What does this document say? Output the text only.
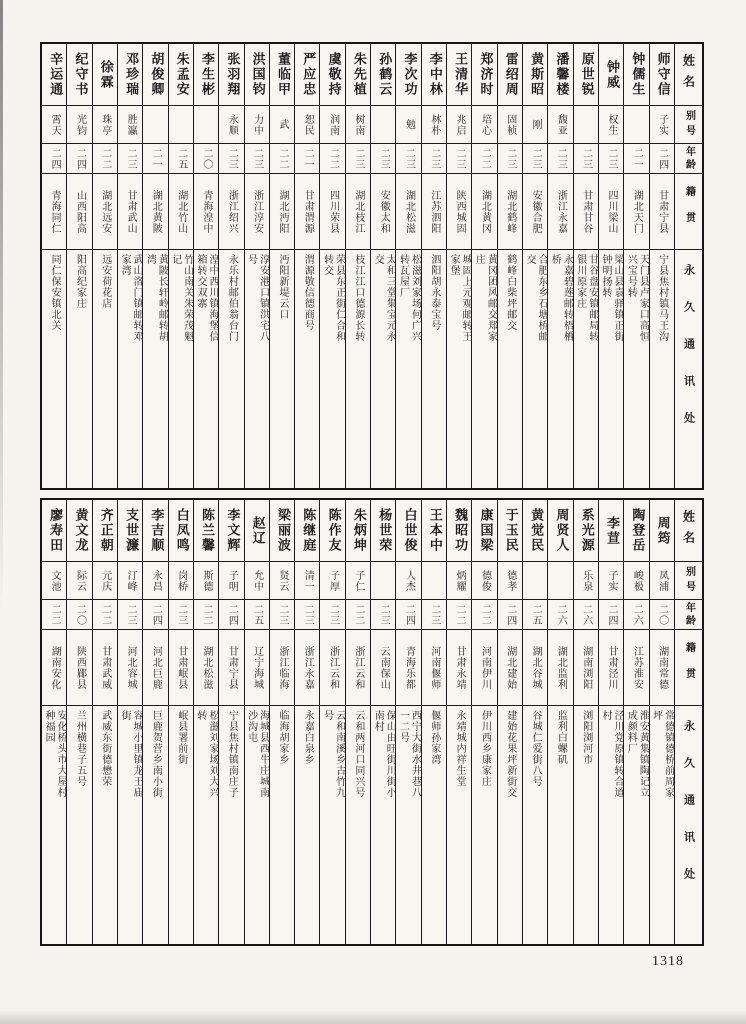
辛运通
霄天
二四
青海同仁
同仁保安镇北关
纪守书
光钧
二四
山西阳高
阳高纪家庄
徐霖
珠亭
二二
湖北远安
远安荷花店
邓珍瑞
胜瀛
二三
甘肃武山
武山洛门镇邮转邓家湾
胡俊卿
二一
湖北黄陂
黄陂长轩岭邮转胡湾
朱孟安
二五
湖北竹山
竹山南关朱荣茂魁记
李生彬
二〇
青海湟中
湟中西川镇海堡信箱转交双寨
张羽翔
永顺
二三
浙江绍兴
永乐村邮伯翁台门
洪国钧
力中
二三
浙江淳安
淳安港口镇洪宅八号
董临甲
武
二二
湖北沔阳
沔阳新堤云口
严应忠
恕民
二一
甘肃渭源
渭源敬信德商号
虞敬持
润南
二二
四川荣县
荣县东正街仁合和转交
朱先植
树南
二三
湖北枝江
枝江江口德源长转
孙鹤云
二三
安徽太和
太和三堂集宝元永交
李次功
勉
二三
湖北松滋
松滋刘家场何广兴转瓦屋厂
李中林
林朴
二三
江苏泗阳
泗阳胡永泰宝号
王清华
兆启
二三
陕西城固
城固上元观邮转王家堡
郑济时
培心
二二
湖北黄冈
黄冈团风邮交郑家庄
雷绍周
固桢
二三
湖北鹤峰
鹤峰白柴坪邮交
黄斯昭
刚
二三
安徽合肥
合肥东乡石塘桥邮交
潘馨楼
馥亚
二三
浙江永嘉
永嘉碧莲邮转梧栖桥
原世锐
二三
甘肃甘谷
甘谷盘安镇邮局转银川原家庄
钟威
权生
二三
四川梁山
梁山县袁驿镇正街钟明扬转
钟儒生
二一
湖北天门
天门县卢家口高恒兴宝号转
师守信
子实
二四
甘肃宁县
宁县焦村镇马王沟
姓名
别号
年龄
籍贯
永久通讯处
廖寿田
文池
二二
湖南安化
安化桥头市大屋村种福园
黄文龙
际云
二〇
陕西郿县
兰州横巷子五号
齐正朝
元庆
二二
甘肃武威
武威东街德懋荣
支世濂
汀峰
二三
河北容城
容城小里镇龙王庙街
李吉顺
永昌
二四
河北巨鹿
巨鹿贺营乡南小街
白凤鸣
岗桥
二三
甘肃岷县
岷县署前街
陈兰馨
斯德
二二
湖北松滋
松滋刘家场刘大兴转
李文辉
子明
二四
甘肃宁县
宁县焦村镇南庄子
赵辽
允中
二五
辽宁海城
海城县西牛庄城南沙沟屯
梁丽波
贤云
二三
浙江临海
临海胡家乡
陈继庭
清一
二三
浙江永嘉
永嘉白泉乡
陈作友
子厚
二三
浙江云和
云和南溪乡古竹九号
朱炳坤
子仁
二二
浙江云和
云和两河口同兴号
杨世荣
二三
云南保山
保山由旺街川街小南村
白世俊
人杰
二四
青海乐都
西宁大街水井巷八一二号
王本中
二三
河南偃师
偃师孙家湾
魏昭功
炳耀
二二
甘肃永靖
永靖城内祥生堂
康国梁
德俊
二二
河南伊川
伊川西乡康家庄
于玉民
德孝
二四
湖北建始
建始花果坪新街交
黄觉民
二五
湖北谷城
谷城仁爱街八号
周贤人
二六
湖北监利
监利白螺矶
系光源
乐泉
二六
湖南浏阳
浏阳浏河市
李荁
子实
二四
甘肃泾川
泾川党原镇转合道村
陶登岳
峻极
二六
江苏淮安
淮安黄集镇陶记立成颜料厂
周筠
凤浦
二〇
湖南常德
常德镇德桥前周家坪
姓名
别号
年龄
籍贯
永久通讯处
1318
